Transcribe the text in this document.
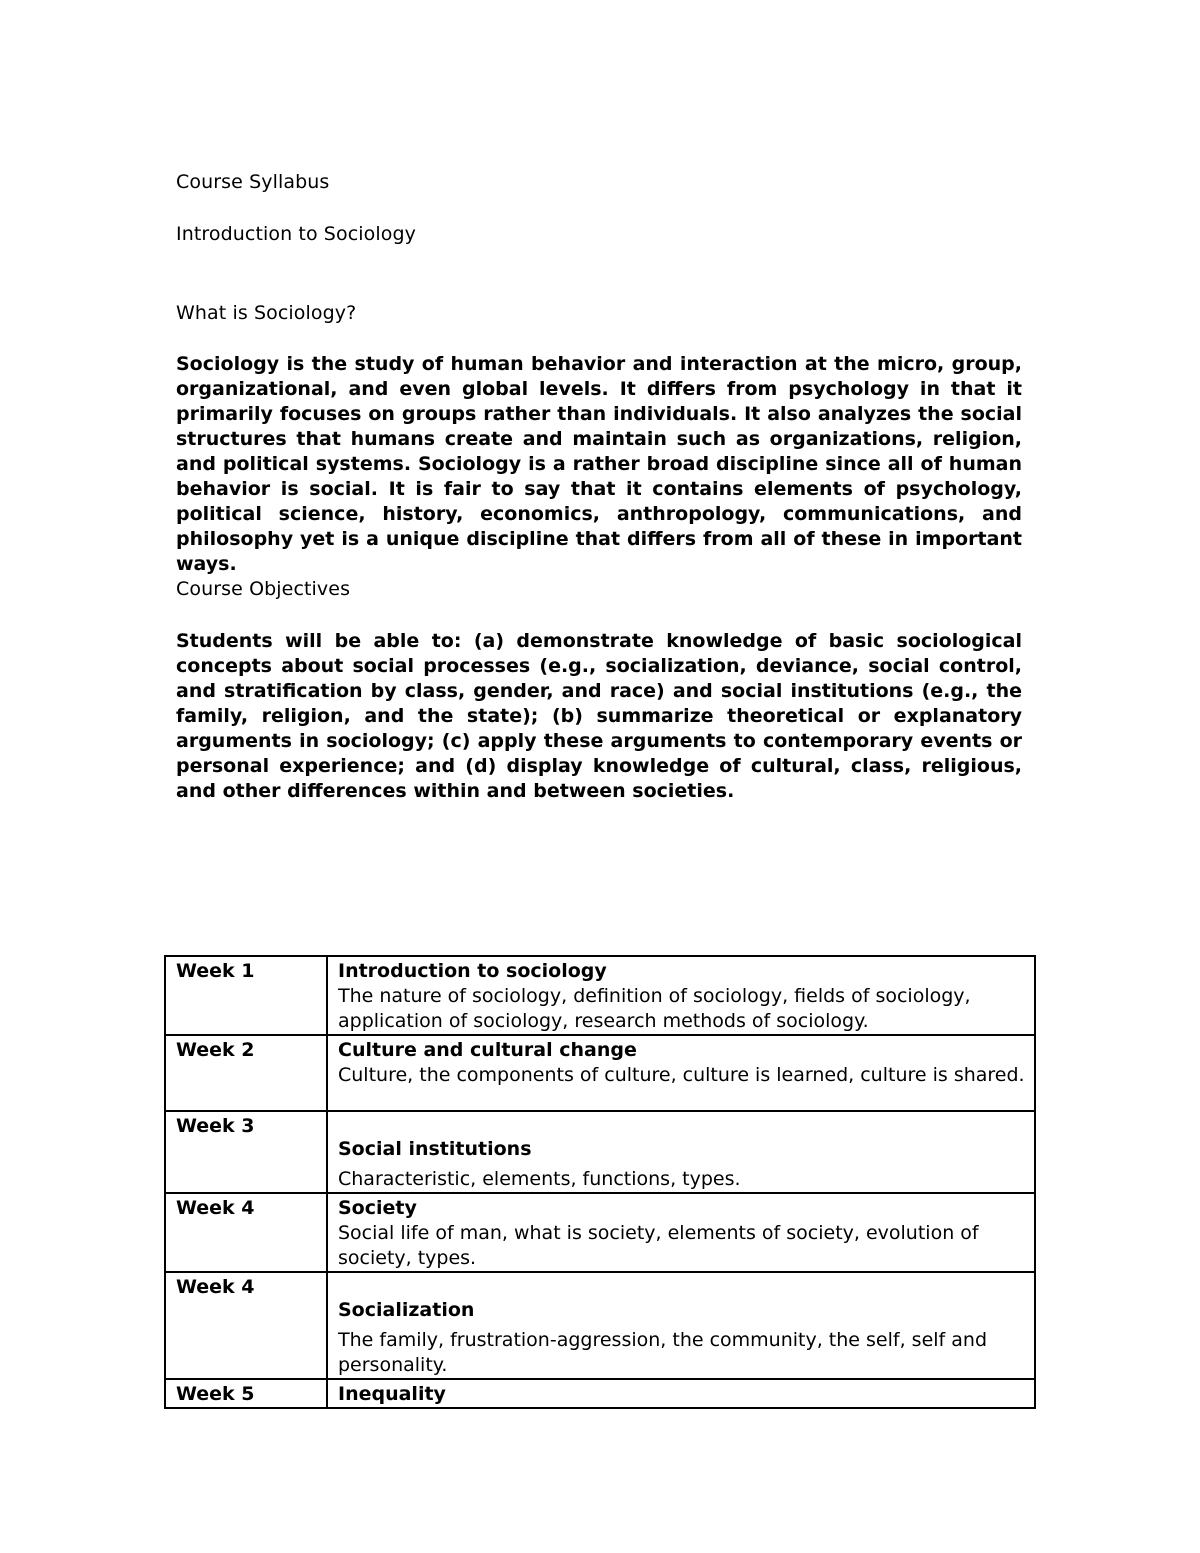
Course Syllabus
Introduction to Sociology
What is Sociology?

Sociology is the study of human behavior and interaction at the micro, group, organizational, and even global levels. It differs from psychology in that it primarily focuses on groups rather than individuals. It also analyzes the social structures that humans create and maintain such as organizations, religion, and political systems. Sociology is a rather broad discipline since all of human behavior is social. It is fair to say that it contains elements of psychology, political science, history, economics, anthropology, communications, and philosophy yet is a unique discipline that differs from all of these in important ways.

Course Objectives

Students will be able to: (a) demonstrate knowledge of basic sociological concepts about social processes (e.g., socialization, deviance, social control, and stratification by class, gender, and race) and social institutions (e.g., the family, religion, and the state); (b) summarize theoretical or explanatory arguments in sociology; (c) apply these arguments to contemporary events or personal experience; and (d) display knowledge of cultural, class, religious, and other differences within and between societies.

Week 1	Introduction to sociology
The nature of sociology, definition of sociology, fields of sociology, application of sociology, research methods of sociology.

Week 2	Culture and cultural change
Culture, the components of culture, culture is learned, culture is shared.

Week 3	Social institutions
Characteristic, elements, functions, types.

Week 4	Society
Social life of man, what is society, elements of society, evolution of society, types.

Week 4	Socialization
The family, frustration-aggression, the community, the self, self and personality.

Week 5	Inequality
